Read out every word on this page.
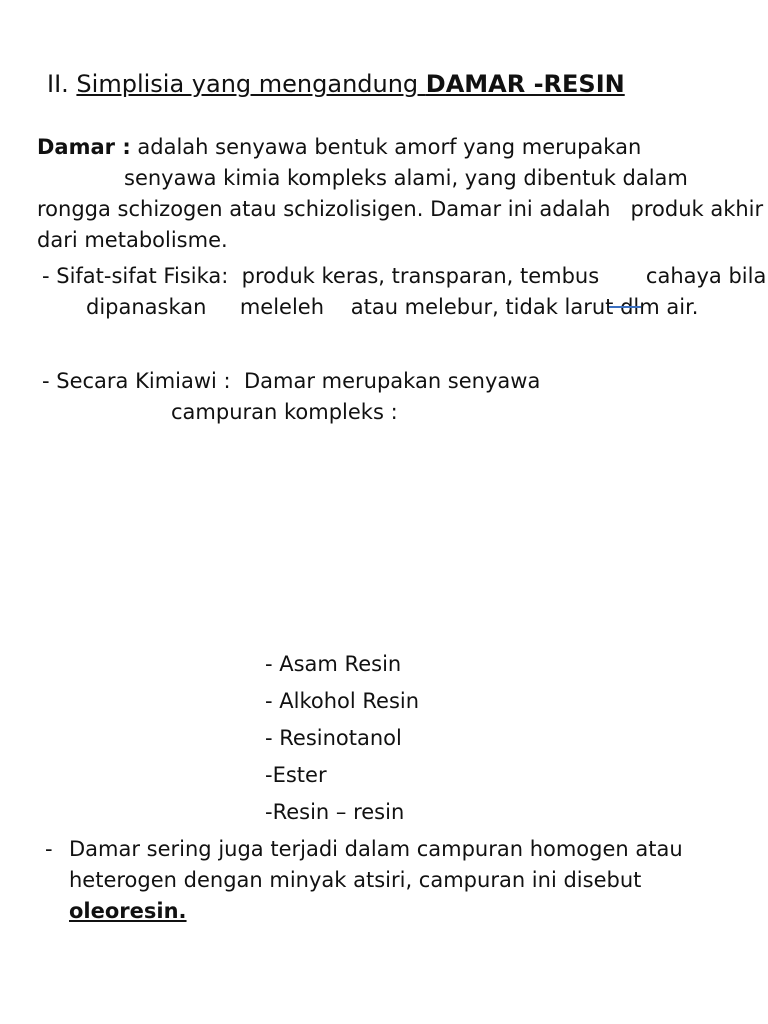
II. Simplisia yang mengandung DAMAR -RESIN
Damar : adalah senyawa bentuk amorf yang merupakan
senyawa kimia kompleks alami, yang dibentuk dalam
rongga schizogen atau schizolisigen. Damar ini adalah   produk akhir
dari metabolisme.
- Sifat-sifat Fisika:  produk keras, transparan, tembus       cahaya bila
dipanaskan     meleleh    atau melebur, tidak larut dlm air.
- Secara Kimiawi :  Damar merupakan senyawa
campuran kompleks :
- Asam Resin
- Alkohol Resin
- Resinotanol
-Ester
-Resin – resin
- Damar sering juga terjadi dalam campuran homogen atau
heterogen dengan minyak atsiri, campuran ini disebut
oleoresin.
